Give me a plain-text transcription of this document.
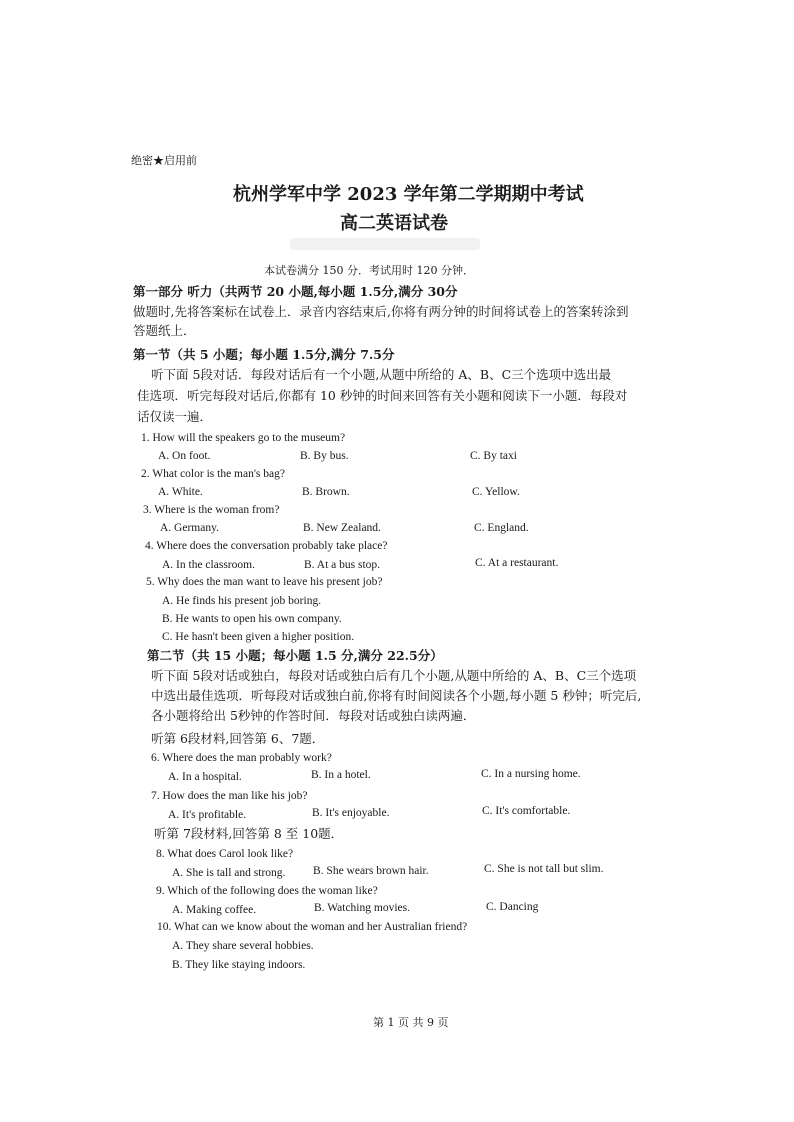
绝密★启用前
杭州学军中学 2023 学年第二学期期中考试
高二英语试卷
本试卷满分 150 分．考试用时 120 分钟．
第一部分 听力（共两节 20 小题,每小题 1.5分,满分 30分
做题时,先将答案标在试卷上．录音内容结束后,你将有两分钟的时间将试卷上的答案转涂到
答题纸上．
第一节（共 5 小题；每小题 1.5分,满分 7.5分
听下面 5段对话．每段对话后有一个小题,从题中所给的 A、B、C三个选项中选出最
佳选项．听完每段对话后,你都有 10 秒钟的时间来回答有关小题和阅读下一小题．每段对
话仅读一遍．
1. How will the speakers go to the museum?
A. On foot.	B. By bus.	C. By taxi
2. What color is the man's bag?
A. White.	B. Brown.	C. Yellow.
3. Where is the woman from?
A. Germany.	B. New Zealand.	C. England.
4. Where does the conversation probably take place?
A. In the classroom.	B. At a bus stop.	C. At a restaurant.
5. Why does the man want to leave his present job?
A. He finds his present job boring.
B. He wants to open his own company.
C. He hasn't been given a higher position.
第二节（共 15 小题；每小题 1.5 分,满分 22.5分）
听下面 5段对话或独白，每段对话或独白后有几个小题,从题中所给的 A、B、C三个选项
中选出最佳选项．听每段对话或独白前,你将有时间阅读各个小题,每小题 5 秒钟；听完后,
各小题将给出 5秒钟的作答时间．每段对话或独白读两遍．
听第 6段材料,回答第 6、7题．
6. Where does the man probably work?
A. In a hospital.	B. In a hotel.	C. In a nursing home.
7. How does the man like his job?
A. It's profitable.	B. It's enjoyable.	C. It's comfortable.
听第 7段材料,回答第 8 至 10题．
8. What does Carol look like?
A. She is tall and strong. B. She wears brown hair.	C. She is not tall but slim.
9. Which of the following does the woman like?
A. Making coffee.	B. Watching movies.	C. Dancing
10. What can we know about the woman and her Australian friend?
A. They share several hobbies.
B. They like staying indoors.
第 1 页 共 9 页
